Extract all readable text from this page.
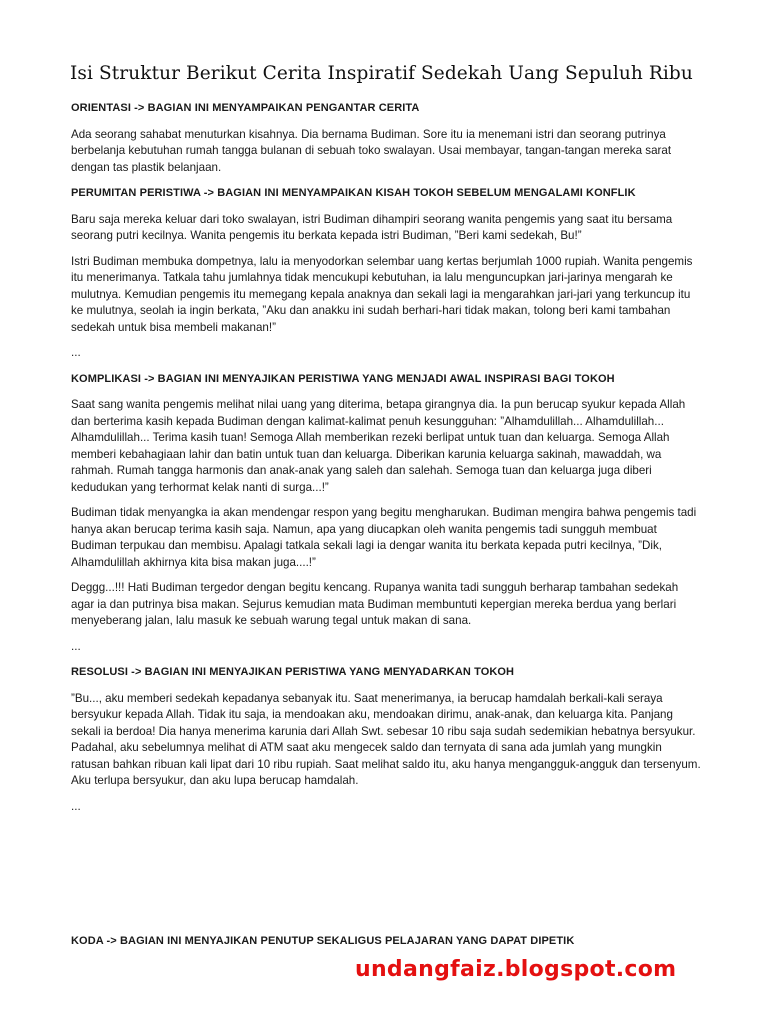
Isi Struktur Berikut Cerita Inspiratif Sedekah Uang Sepuluh Ribu

ORIENTASI -> BAGIAN INI MENYAMPAIKAN PENGANTAR CERITA

Ada seorang sahabat menuturkan kisahnya. Dia bernama Budiman. Sore itu ia menemani istri dan seorang putrinya berbelanja kebutuhan rumah tangga bulanan di sebuah toko swalayan. Usai membayar, tangan-tangan mereka sarat dengan tas plastik belanjaan.

PERUMITAN PERISTIWA -> BAGIAN INI MENYAMPAIKAN KISAH TOKOH SEBELUM MENGALAMI KONFLIK

Baru saja mereka keluar dari toko swalayan, istri Budiman dihampiri seorang wanita pengemis yang saat itu bersama seorang putri kecilnya. Wanita pengemis itu berkata kepada istri Budiman, ”Beri kami sedekah, Bu!”

Istri Budiman membuka dompetnya, lalu ia menyodorkan selembar uang kertas berjumlah 1000 rupiah. Wanita pengemis itu menerimanya. Tatkala tahu jumlahnya tidak mencukupi kebutuhan, ia lalu menguncupkan jari-jarinya mengarah ke mulutnya. Kemudian pengemis itu memegang kepala anaknya dan sekali lagi ia mengarahkan jari-jari yang terkuncup itu ke mulutnya, seolah ia ingin berkata, ”Aku dan anakku ini sudah berhari-hari tidak makan, tolong beri kami tambahan sedekah untuk bisa membeli makanan!”

...

KOMPLIKASI -> BAGIAN INI MENYAJIKAN PERISTIWA YANG MENJADI AWAL INSPIRASI BAGI TOKOH

Saat sang wanita pengemis melihat nilai uang yang diterima, betapa girangnya dia. Ia pun berucap syukur kepada Allah dan berterima kasih kepada Budiman dengan kalimat-kalimat penuh kesungguhan: ”Alhamdulillah... Alhamdulillah... Alhamdulillah... Terima kasih tuan! Semoga Allah memberikan rezeki berlipat untuk tuan dan keluarga. Semoga Allah memberi kebahagiaan lahir dan batin untuk tuan dan keluarga. Diberikan karunia keluarga sakinah, mawaddah, wa rahmah. Rumah tangga harmonis dan anak-anak yang saleh dan salehah. Semoga tuan dan keluarga juga diberi kedudukan yang terhormat kelak nanti di surga...!”

Budiman tidak menyangka ia akan mendengar respon yang begitu mengharukan. Budiman mengira bahwa pengemis tadi hanya akan berucap terima kasih saja. Namun, apa yang diucapkan oleh wanita pengemis tadi sungguh membuat Budiman terpukau dan membisu. Apalagi tatkala sekali lagi ia dengar wanita itu berkata kepada putri kecilnya, ”Dik, Alhamdulillah akhirnya kita bisa makan juga....!”

Deggg...!!! Hati Budiman tergedor dengan begitu kencang. Rupanya wanita tadi sungguh berharap tambahan sedekah agar ia dan putrinya bisa makan. Sejurus kemudian mata Budiman membuntuti kepergian mereka berdua yang berlari menyeberang jalan, lalu masuk ke sebuah warung tegal untuk makan di sana.

...

RESOLUSI -> BAGIAN INI MENYAJIKAN PERISTIWA YANG MENYADARKAN TOKOH

”Bu..., aku memberi sedekah kepadanya sebanyak itu. Saat menerimanya, ia berucap hamdalah berkali-kali seraya bersyukur kepada Allah. Tidak itu saja, ia mendoakan aku, mendoakan dirimu, anak-anak, dan keluarga kita. Panjang sekali ia berdoa! Dia hanya menerima karunia dari Allah Swt. sebesar 10 ribu saja sudah sedemikian hebatnya bersyukur. Padahal, aku sebelumnya melihat di ATM saat aku mengecek saldo dan ternyata di sana ada jumlah yang mungkin ratusan bahkan ribuan kali lipat dari 10 ribu rupiah. Saat melihat saldo itu, aku hanya mengangguk-angguk dan tersenyum. Aku terlupa bersyukur, dan aku lupa berucap hamdalah.

...

KODA -> BAGIAN INI MENYAJIKAN PENUTUP SEKALIGUS PELAJARAN YANG DAPAT DIPETIK

undangfaiz.blogspot.com
